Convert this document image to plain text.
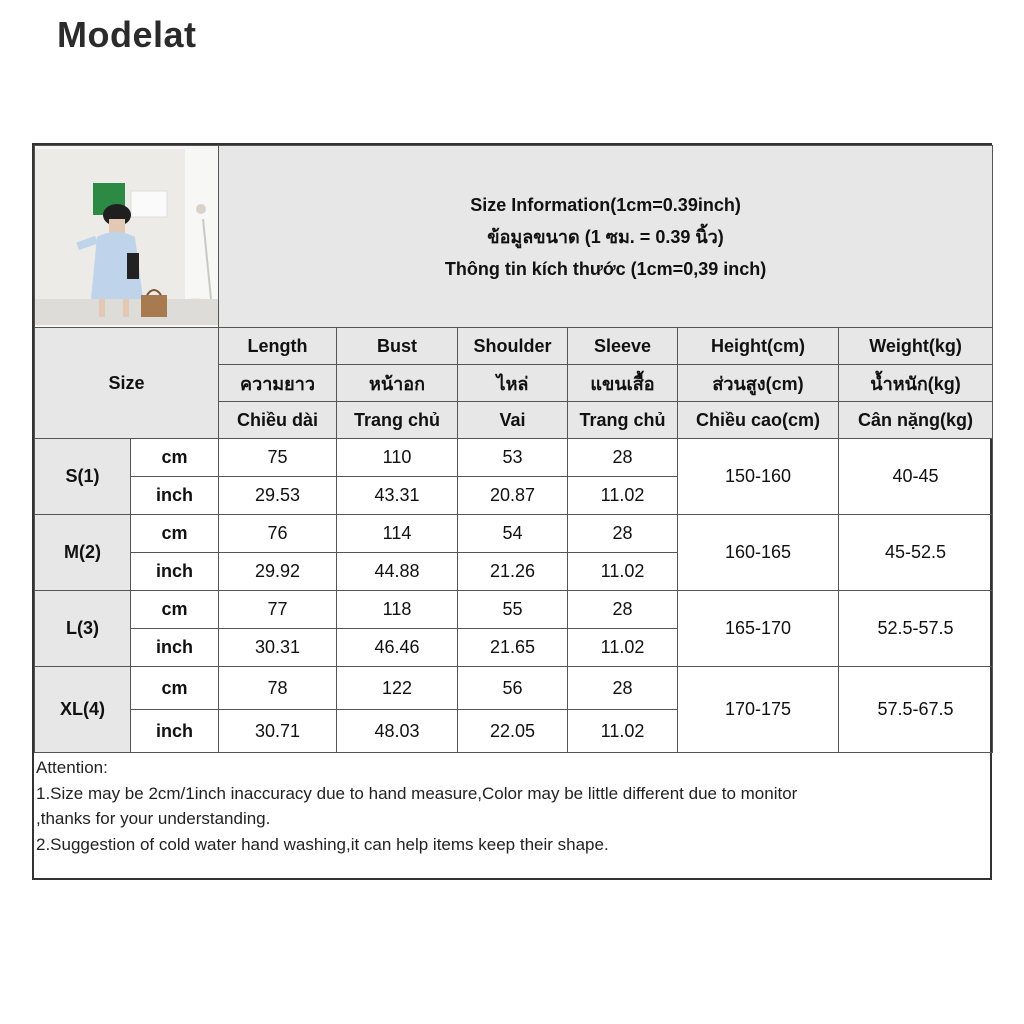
Modelat

Size Information(1cm=0.39inch)
ข้อมูลขนาด (1 ซม. = 0.39 นิ้ว)
Thông tin kích thước (1cm=0,39 inch)					

Size		Length	Bust	Shoulder	Sleeve	Height(cm)	Weight(kg)
		ความยาว	หน้าอก	ไหล่	แขนเสื้อ	ส่วนสูง(cm)	น้ำหนัก(kg)
		Chiều dài	Trang chủ	Vai	Trang chủ	Chiều cao(cm)	Cân nặng(kg)
S(1)	cm	75	110	53	28	150-160	40-45
	inch	29.53	43.31	20.87	11.02		
M(2)	cm	76	114	54	28	160-165	45-52.5
	inch	29.92	44.88	21.26	11.02		
L(3)	cm	77	118	55	28	165-170	52.5-57.5
	inch	30.31	46.46	21.65	11.02		
XL(4)	cm	78	122	56	28	170-175	57.5-67.5
	inch	30.71	48.03	22.05	11.02		
Attention:
1.Size may be 2cm/1inch inaccuracy due to hand measure,Color may be little different due to monitor
,thanks for your understanding.
2.Suggestion of cold water hand washing,it can help items keep their shape.
